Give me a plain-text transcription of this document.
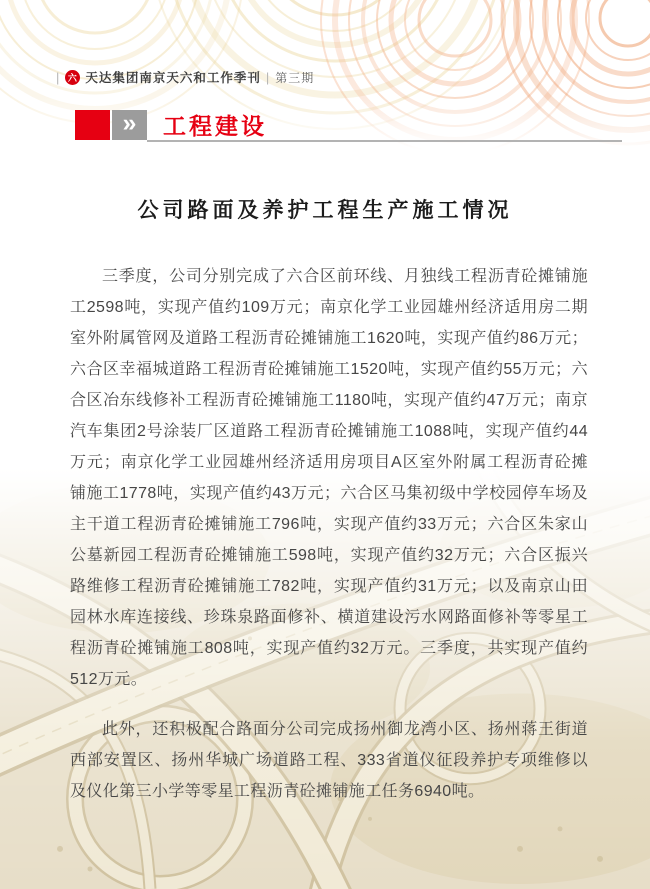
| 六 天达集团南京天六和工作季刊 | 第三期
» 工程建设
公司路面及养护工程生产施工情况

三季度，公司分别完成了六合区前环线、月独线工程沥青砼摊铺施工2598吨，实现产值约109万元；南京化学工业园雄州经济适用房二期室外附属管网及道路工程沥青砼摊铺施工1620吨，实现产值约86万元；六合区幸福城道路工程沥青砼摊铺施工1520吨，实现产值约55万元；六合区冶东线修补工程沥青砼摊铺施工1180吨，实现产值约47万元；南京汽车集团2号涂装厂区道路工程沥青砼摊铺施工1088吨，实现产值约44万元；南京化学工业园雄州经济适用房项目A区室外附属工程沥青砼摊铺施工1778吨，实现产值约43万元；六合区马集初级中学校园停车场及主干道工程沥青砼摊铺施工796吨，实现产值约33万元；六合区朱家山公墓新园工程沥青砼摊铺施工598吨，实现产值约32万元；六合区振兴路维修工程沥青砼摊铺施工782吨，实现产值约31万元；以及南京山田园林水库连接线、珍珠泉路面修补、横道建设污水网路面修补等零星工程沥青砼摊铺施工808吨，实现产值约32万元。三季度，共实现产值约512万元。

此外，还积极配合路面分公司完成扬州御龙湾小区、扬州蒋王街道西部安置区、扬州华城广场道路工程、333省道仪征段养护专项维修以及仪化第三小学等零星工程沥青砼摊铺施工任务6940吨。
